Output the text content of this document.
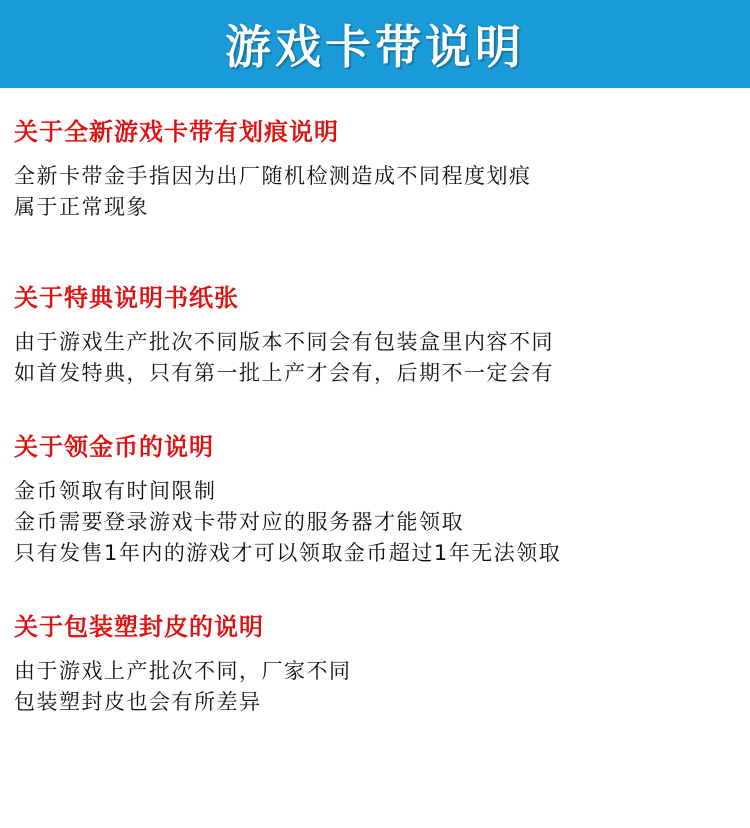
游戏卡带说明
关于全新游戏卡带有划痕说明
全新卡带金手指因为出厂随机检测造成不同程度划痕
属于正常现象
关于特典说明书纸张
由于游戏生产批次不同版本不同会有包装盒里内容不同
如首发特典，只有第一批上产才会有，后期不一定会有
关于领金币的说明
金币领取有时间限制
金币需要登录游戏卡带对应的服务器才能领取
只有发售1年内的游戏才可以领取金币超过1年无法领取
关于包装塑封皮的说明
由于游戏上产批次不同，厂家不同
包装塑封皮也会有所差异
